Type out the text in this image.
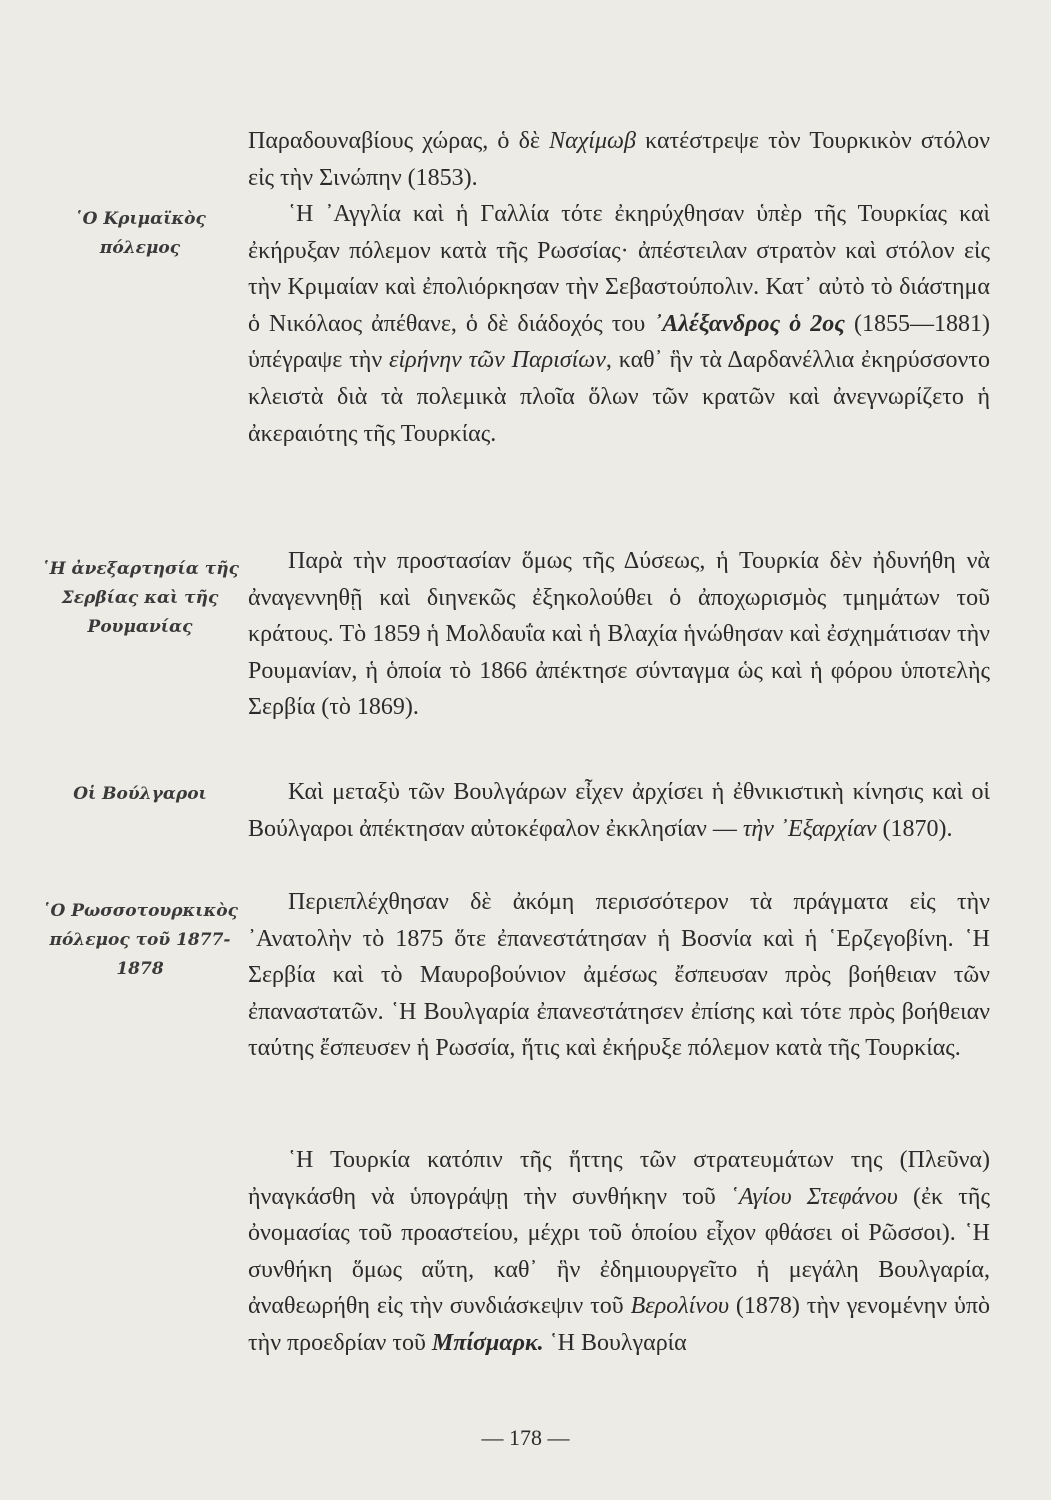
῾Ο Κριμαϊκὸς πόλεμος
῾Η ἀνεξαρτησία τῆς Σερβίας καὶ τῆς Ρουμανίας
Οἱ Βούλγαροι
῾Ο Ρωσσοτουρκικὸς πόλεμος τοῦ 1877-1878
Παραδουναβίους χώρας, ὁ δὲ Ναχίμωβ κατέστρεψε τὸν Τουρκικὸν στόλον εἰς τὴν Σινώπην (1853).
῾Η ᾿Αγγλία καὶ ἡ Γαλλία τότε ἐκηρύχθησαν ὑπὲρ τῆς Τουρκίας καὶ ἐκήρυξαν πόλεμον κατὰ τῆς Ρωσσίας· ἀπέστειλαν στρατὸν καὶ στόλον εἰς τὴν Κριμαίαν καὶ ἐπολιόρκησαν τὴν Σεβαστούπολιν. Κατ᾿ αὐτὸ τὸ διάστημα ὁ Νικόλαος ἀπέθανε, ὁ δὲ διάδοχός του ᾿Αλέξανδρος ὁ 2ος (1855—1881) ὑπέγραψε τὴν εἰρήνην τῶν Παρισίων, καθ᾿ ἣν τὰ Δαρδανέλλια ἐκηρύσσοντο κλειστὰ διὰ τὰ πολεμικὰ πλοῖα ὅλων τῶν κρατῶν καὶ ἀνεγνωρίζετο ἡ ἀκεραιότης τῆς Τουρκίας.
Παρὰ τὴν προστασίαν ὅμως τῆς Δύσεως, ἡ Τουρκία δὲν ἠδυνήθη νὰ ἀναγεννηθῇ καὶ διηνεκῶς ἐξηκολούθει ὁ ἀποχωρισμὸς τμημάτων τοῦ κράτους. Τὸ 1859 ἡ Μολδαυΐα καὶ ἡ Βλαχία ἡνώθησαν καὶ ἐσχημάτισαν τὴν Ρουμανίαν, ἡ ὁποία τὸ 1866 ἀπέκτησε σύνταγμα ὡς καὶ ἡ φόρου ὑποτελὴς Σερβία (τὸ 1869).
Καὶ μεταξὺ τῶν Βουλγάρων εἶχεν ἀρχίσει ἡ ἐθνικιστικὴ κίνησις καὶ οἱ Βούλγαροι ἀπέκτησαν αὐτοκέφαλον ἐκκλησίαν — τὴν ᾿Εξαρχίαν (1870).
Περιεπλέχθησαν δὲ ἀκόμη περισσότερον τὰ πράγματα εἰς τὴν ᾿Ανατολὴν τὸ 1875 ὅτε ἐπανεστάτησαν ἡ Βοσνία καὶ ἡ ῾Ερζεγοβίνη. ῾Η Σερβία καὶ τὸ Μαυροβούνιον ἀμέσως ἔσπευσαν πρὸς βοήθειαν τῶν ἐπαναστατῶν. ῾Η Βουλγαρία ἐπανεστάτησεν ἐπίσης καὶ τότε πρὸς βοήθειαν ταύτης ἔσπευσεν ἡ Ρωσσία, ἥτις καὶ ἐκήρυξε πόλεμον κατὰ τῆς Τουρκίας.
῾Η Τουρκία κατόπιν τῆς ἥττης τῶν στρατευμάτων της (Πλεῦνα) ἠναγκάσθη νὰ ὑπογράψῃ τὴν συνθήκην τοῦ ῾Αγίου Στεφάνου (ἐκ τῆς ὀνομασίας τοῦ προαστείου, μέχρι τοῦ ὁποίου εἶχον φθάσει οἱ Ρῶσσοι). ῾Η συνθήκη ὅμως αὕτη, καθ᾿ ἣν ἐδημιουργεῖτο ἡ μεγάλη Βουλγαρία, ἀναθεωρήθη εἰς τὴν συνδιάσκεψιν τοῦ Βερολίνου (1878) τὴν γενομένην ὑπὸ τὴν προεδρίαν τοῦ Μπίσμαρκ. ῾Η Βουλγαρία
— 178 —
